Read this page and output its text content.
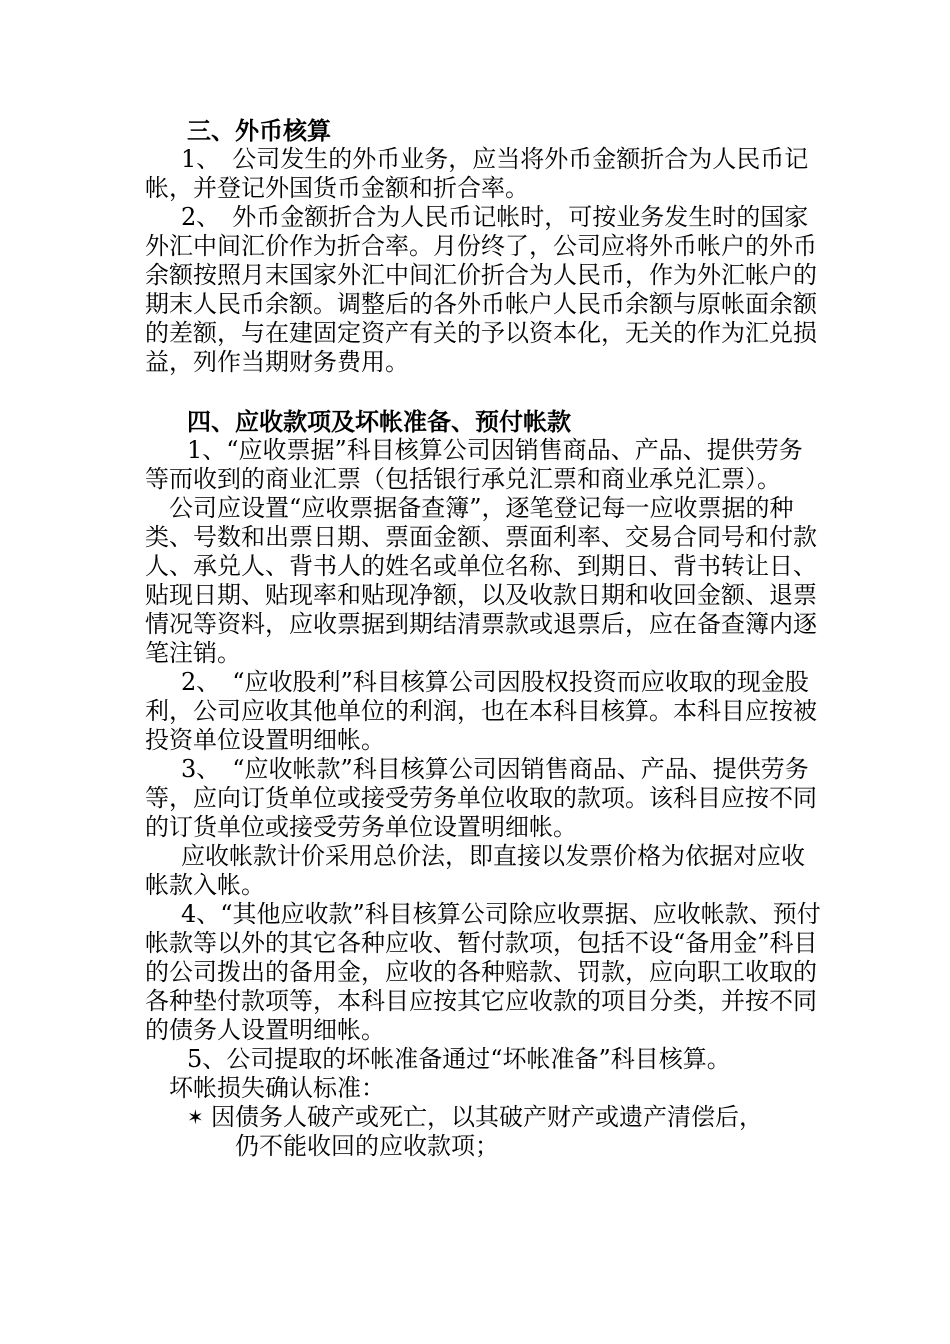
三、外币核算

1、　公司发生的外币业务，应当将外币金额折合为人民币记帐，并登记外国货币金额和折合率。

2、　外币金额折合为人民币记帐时，可按业务发生时的国家外汇中间汇价作为折合率。月份终了，公司应将外币帐户的外币余额按照月末国家外汇中间汇价折合为人民币，作为外汇帐户的期末人民币余额。调整后的各外币帐户人民币余额与原帐面余额的差额，与在建固定资产有关的予以资本化，无关的作为汇兑损益，列作当期财务费用。

四、应收款项及坏帐准备、预付帐款

1、“应收票据”科目核算公司因销售商品、产品、提供劳务等而收到的商业汇票（包括银行承兑汇票和商业承兑汇票）。

公司应设置“应收票据备查簿”，逐笔登记每一应收票据的种类、号数和出票日期、票面金额、票面利率、交易合同号和付款人、承兑人、背书人的姓名或单位名称、到期日、背书转让日、贴现日期、贴现率和贴现净额，以及收款日期和收回金额、退票情况等资料，应收票据到期结清票款或退票后，应在备查簿内逐笔注销。

2、　“应收股利”科目核算公司因股权投资而应收取的现金股利，公司应收其他单位的利润，也在本科目核算。本科目应按被投资单位设置明细帐。

3、　“应收帐款”科目核算公司因销售商品、产品、提供劳务等，应向订货单位或接受劳务单位收取的款项。该科目应按不同的订货单位或接受劳务单位设置明细帐。

应收帐款计价采用总价法，即直接以发票价格为依据对应收帐款入帐。

4、“其他应收款”科目核算公司除应收票据、应收帐款、预付帐款等以外的其它各种应收、暂付款项，包括不设“备用金”科目的公司拨出的备用金，应收的各种赔款、罚款，应向职工收取的各种垫付款项等，本科目应按其它应收款的项目分类，并按不同的债务人设置明细帐。

5、公司提取的坏帐准备通过“坏帐准备”科目核算。

坏帐损失确认标准：

✶ 因债务人破产或死亡，以其破产财产或遗产清偿后，
仍不能收回的应收款项；
